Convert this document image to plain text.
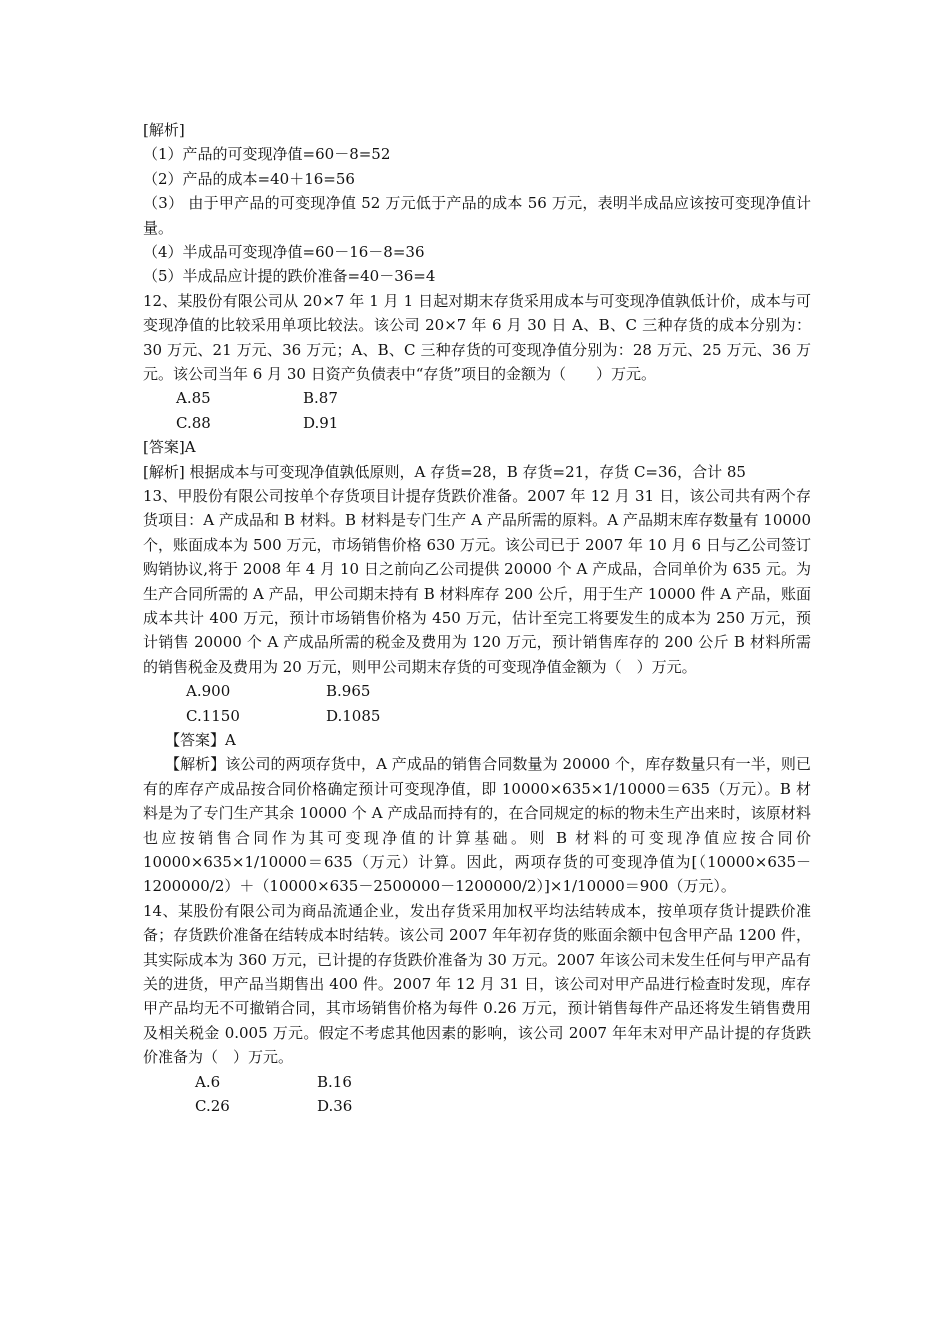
[解析]
（1）产品的可变现净值=60－8=52
（2）产品的成本=40＋16=56
（3） 由于甲产品的可变现净值 52 万元低于产品的成本 56 万元，表明半成品应该按可变现净值计量。
（4）半成品可变现净值=60－16－8=36
（5）半成品应计提的跌价准备=40－36=4
12、某股份有限公司从 20×7 年 1 月 1 日起对期末存货采用成本与可变现净值孰低计价，成本与可变现净值的比较采用单项比较法。该公司 20×7 年 6 月 30 日 A、B、C 三种存货的成本分别为：30 万元、21 万元、36 万元；A、B、C 三种存货的可变现净值分别为：28 万元、25 万元、36 万元。该公司当年 6 月 30 日资产负债表中“存货”项目的金额为（　　）万元。
A.85	B.87
C.88	D.91
[答案]A
[解析] 根据成本与可变现净值孰低原则，A 存货=28，B 存货=21，存货 C=36，合计 85
13、甲股份有限公司按单个存货项目计提存货跌价准备。2007 年 12 月 31 日，该公司共有两个存货项目：A 产成品和 B 材料。B 材料是专门生产 A 产品所需的原料。A 产品期末库存数量有 10000 个，账面成本为 500 万元，市场销售价格 630 万元。该公司已于 2007 年 10 月 6 日与乙公司签订购销协议,将于 2008 年 4 月 10 日之前向乙公司提供 20000 个 A 产成品，合同单价为 635 元。为生产合同所需的 A 产品，甲公司期末持有 B 材料库存 200 公斤，用于生产 10000 件 A 产品，账面成本共计 400 万元，预计市场销售价格为 450 万元，估计至完工将要发生的成本为 250 万元，预计销售 20000 个 A 产成品所需的税金及费用为 120 万元，预计销售库存的 200 公斤 B 材料所需的销售税金及费用为 20 万元，则甲公司期末存货的可变现净值金额为（　）万元。
A.900	B.965
C.1150	D.1085
【答案】A
【解析】该公司的两项存货中，A 产成品的销售合同数量为 20000 个，库存数量只有一半，则已有的库存产成品按合同价格确定预计可变现净值，即 10000×635×1/10000＝635（万元）。B 材料是为了专门生产其余 10000 个 A 产成品而持有的，在合同规定的标的物未生产出来时，该原材料也应按销售合同作为其可变现净值的计算基础。则 B 材料的可变现净值应按合同价 10000×635×1/10000＝635（万元）计算。因此，两项存货的可变现净值为[（10000×635－1200000/2）＋（10000×635－2500000－1200000/2）]×1/10000＝900（万元）。
14、某股份有限公司为商品流通企业，发出存货采用加权平均法结转成本，按单项存货计提跌价准备；存货跌价准备在结转成本时结转。该公司 2007 年年初存货的账面余额中包含甲产品 1200 件，其实际成本为 360 万元，已计提的存货跌价准备为 30 万元。2007 年该公司未发生任何与甲产品有关的进货，甲产品当期售出 400 件。2007 年 12 月 31 日，该公司对甲产品进行检查时发现，库存甲产品均无不可撤销合同，其市场销售价格为每件 0.26 万元，预计销售每件产品还将发生销售费用及相关税金 0.005 万元。假定不考虑其他因素的影响，该公司 2007 年年末对甲产品计提的存货跌价准备为（　）万元。
A.6	B.16
C.26	D.36
